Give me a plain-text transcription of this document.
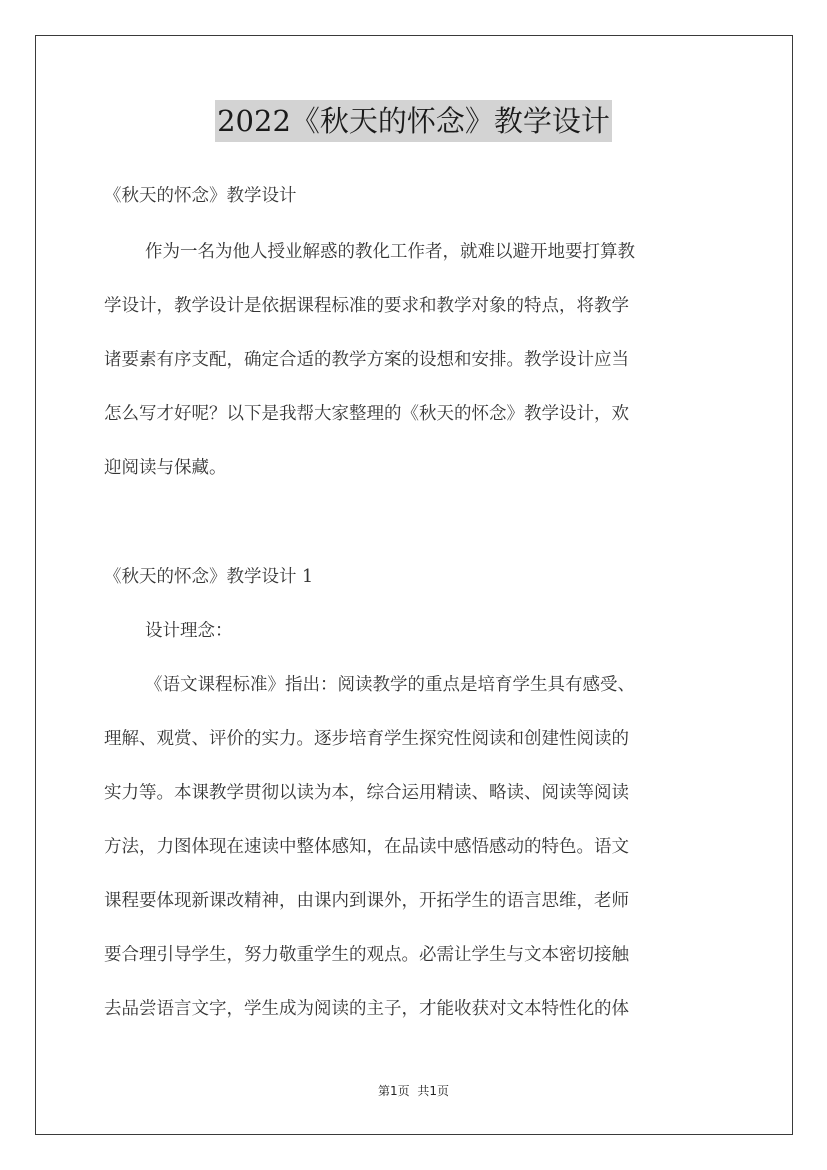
2022《秋天的怀念》教学设计
《秋天的怀念》教学设计
作为一名为他人授业解惑的教化工作者，就难以避开地要打算教
学设计，教学设计是依据课程标准的要求和教学对象的特点，将教学
诸要素有序支配，确定合适的教学方案的设想和安排。教学设计应当
怎么写才好呢？以下是我帮大家整理的《秋天的怀念》教学设计，欢
迎阅读与保藏。
《秋天的怀念》教学设计 1
设计理念：
《语文课程标准》指出：阅读教学的重点是培育学生具有感受、
理解、观赏、评价的实力。逐步培育学生探究性阅读和创建性阅读的
实力等。本课教学贯彻以读为本，综合运用精读、略读、阅读等阅读
方法，力图体现在速读中整体感知，在品读中感悟感动的特色。语文
课程要体现新课改精神，由课内到课外，开拓学生的语言思维，老师
要合理引导学生，努力敬重学生的观点。必需让学生与文本密切接触
去品尝语言文字，学生成为阅读的主子，才能收获对文本特性化的体
第1页 共1页
